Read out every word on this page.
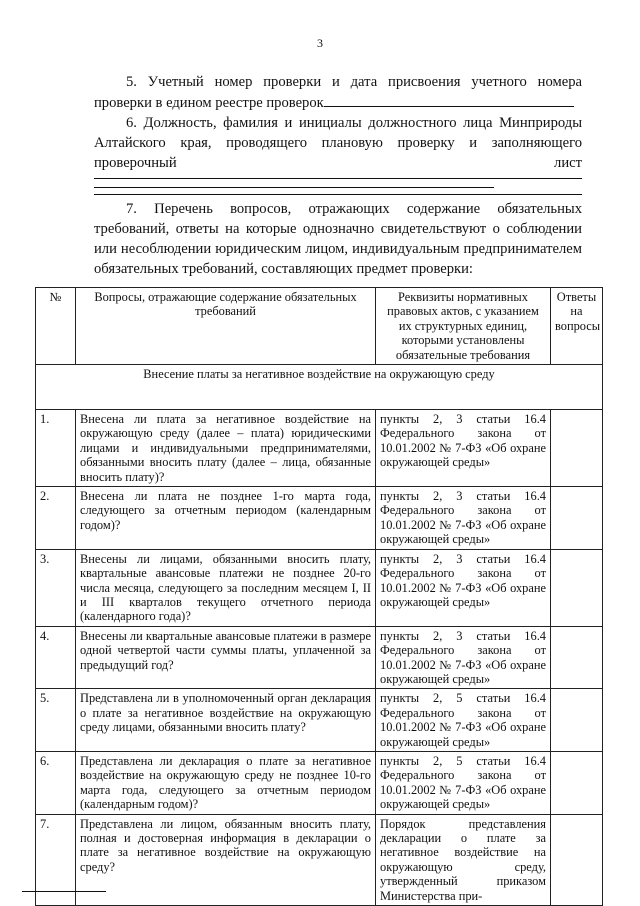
3
5. Учетный номер проверки и дата присвоения учетного номера проверки в едином реестре проверок
6. Должность, фамилия и инициалы должностного лица Минприроды Алтайского края, проводящего плановую проверку и заполняющего проверочный лист
7. Перечень вопросов, отражающих содержание обязательных требований, ответы на которые однозначно свидетельствуют о соблюдении или несоблюдении юридическим лицом, индивидуальным предпринимателем обязательных требований, составляющих предмет проверки:
№	Вопросы, отражающие содержание обязательных требований	Реквизиты нормативных правовых актов, с указанием их структурных единиц, которыми установлены обязательные требования	Ответы на вопросы
Внесение платы за негативное воздействие на окружающую среду			
1.	Внесена ли плата за негативное воздействие на окружающую среду (далее – плата) юридическими лицами и индивидуальными предпринимателями, обязанными вносить плату (далее – лица, обязанные вносить плату)?	пункты 2, 3 статьи 16.4 Федерального закона от 10.01.2002 № 7-ФЗ «Об охране окружающей среды»	
2.	Внесена ли плата не позднее 1-го марта года, следующего за отчетным периодом (календарным годом)?	пункты 2, 3 статьи 16.4 Федерального закона от 10.01.2002 № 7-ФЗ «Об охране окружающей среды»	
3.	Внесены ли лицами, обязанными вносить плату, квартальные авансовые платежи не позднее 20-го числа месяца, следующего за последним месяцем I, II и III кварталов текущего отчетного периода (календарного года)?	пункты 2, 3 статьи 16.4 Федерального закона от 10.01.2002 № 7-ФЗ «Об охране окружающей среды»	
4.	Внесены ли квартальные авансовые платежи в размере одной четвертой части суммы платы, уплаченной за предыдущий год?	пункты 2, 3 статьи 16.4 Федерального закона от 10.01.2002 № 7-ФЗ «Об охране окружающей среды»	
5.	Представлена ли в уполномоченный орган декларация о плате за негативное воздействие на окружающую среду лицами, обязанными вносить плату?	пункты 2, 5 статьи 16.4 Федерального закона от 10.01.2002 № 7-ФЗ «Об охране окружающей среды»	
6.	Представлена ли декларация о плате за негативное воздействие на окружающую среду не позднее 10-го марта года, следующего за отчетным периодом (календарным годом)?	пункты 2, 5 статьи 16.4 Федерального закона от 10.01.2002 № 7-ФЗ «Об охране окружающей среды»	
7.	Представлена ли лицом, обязанным вносить плату, полная и достоверная информация в декларации о плате за негативное воздействие на окружающую среду?	Порядок представления декларации о плате за негативное воздействие на окружающую среду, утвержденный приказом Министерства при-	
